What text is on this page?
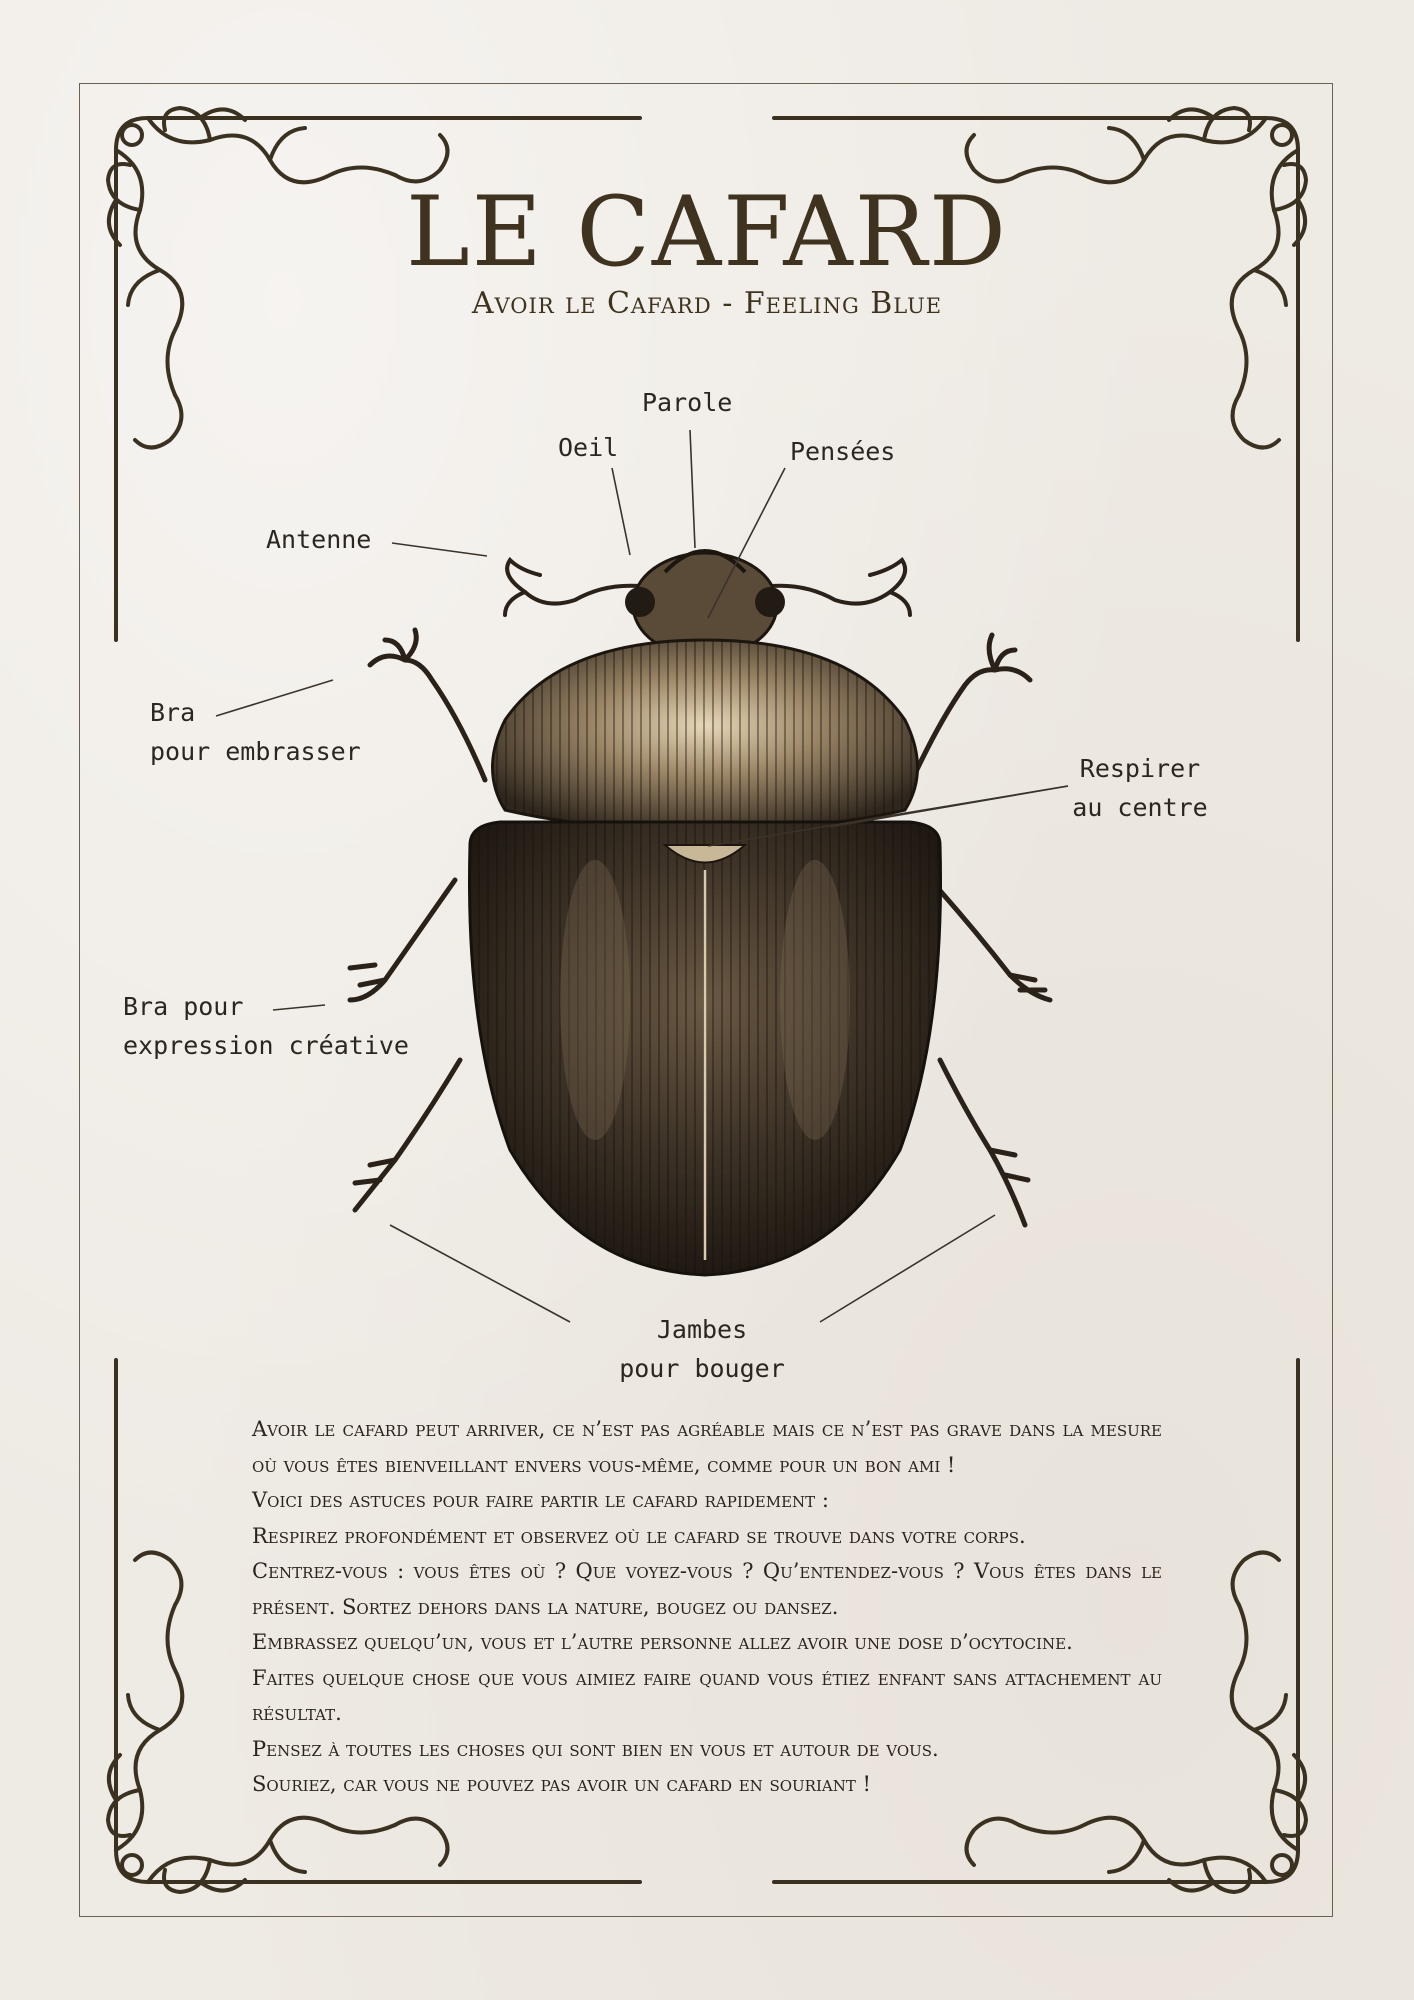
LE CAFARD
Avoir le Cafard - Feeling Blue
Parole
Oeil	Pensées
Antenne
Bra
pour embrasser
Respirer
au centre
Bra pour
expression créative
Jambes
pour bouger

Avoir le cafard peut arriver, ce n’est pas agréable mais ce n’est pas grave dans la mesure où vous êtes bienveillant envers vous-même, comme pour un bon ami !

Voici des astuces pour faire partir le cafard rapidement :

Respirez profondément et observez où le cafard se trouve dans votre corps.

Centrez-vous : vous êtes où ? Que voyez-vous ? Qu’entendez-vous ? Vous êtes dans le présent. Sortez dehors dans la nature, bougez ou dansez.

Embrassez quelqu’un, vous et l’autre personne allez avoir une dose d’ocytocine.

Faites quelque chose que vous aimiez faire quand vous étiez enfant sans attachement au résultat.

Pensez à toutes les choses qui sont bien en vous et autour de vous.

Souriez, car vous ne pouvez pas avoir un cafard en souriant !
